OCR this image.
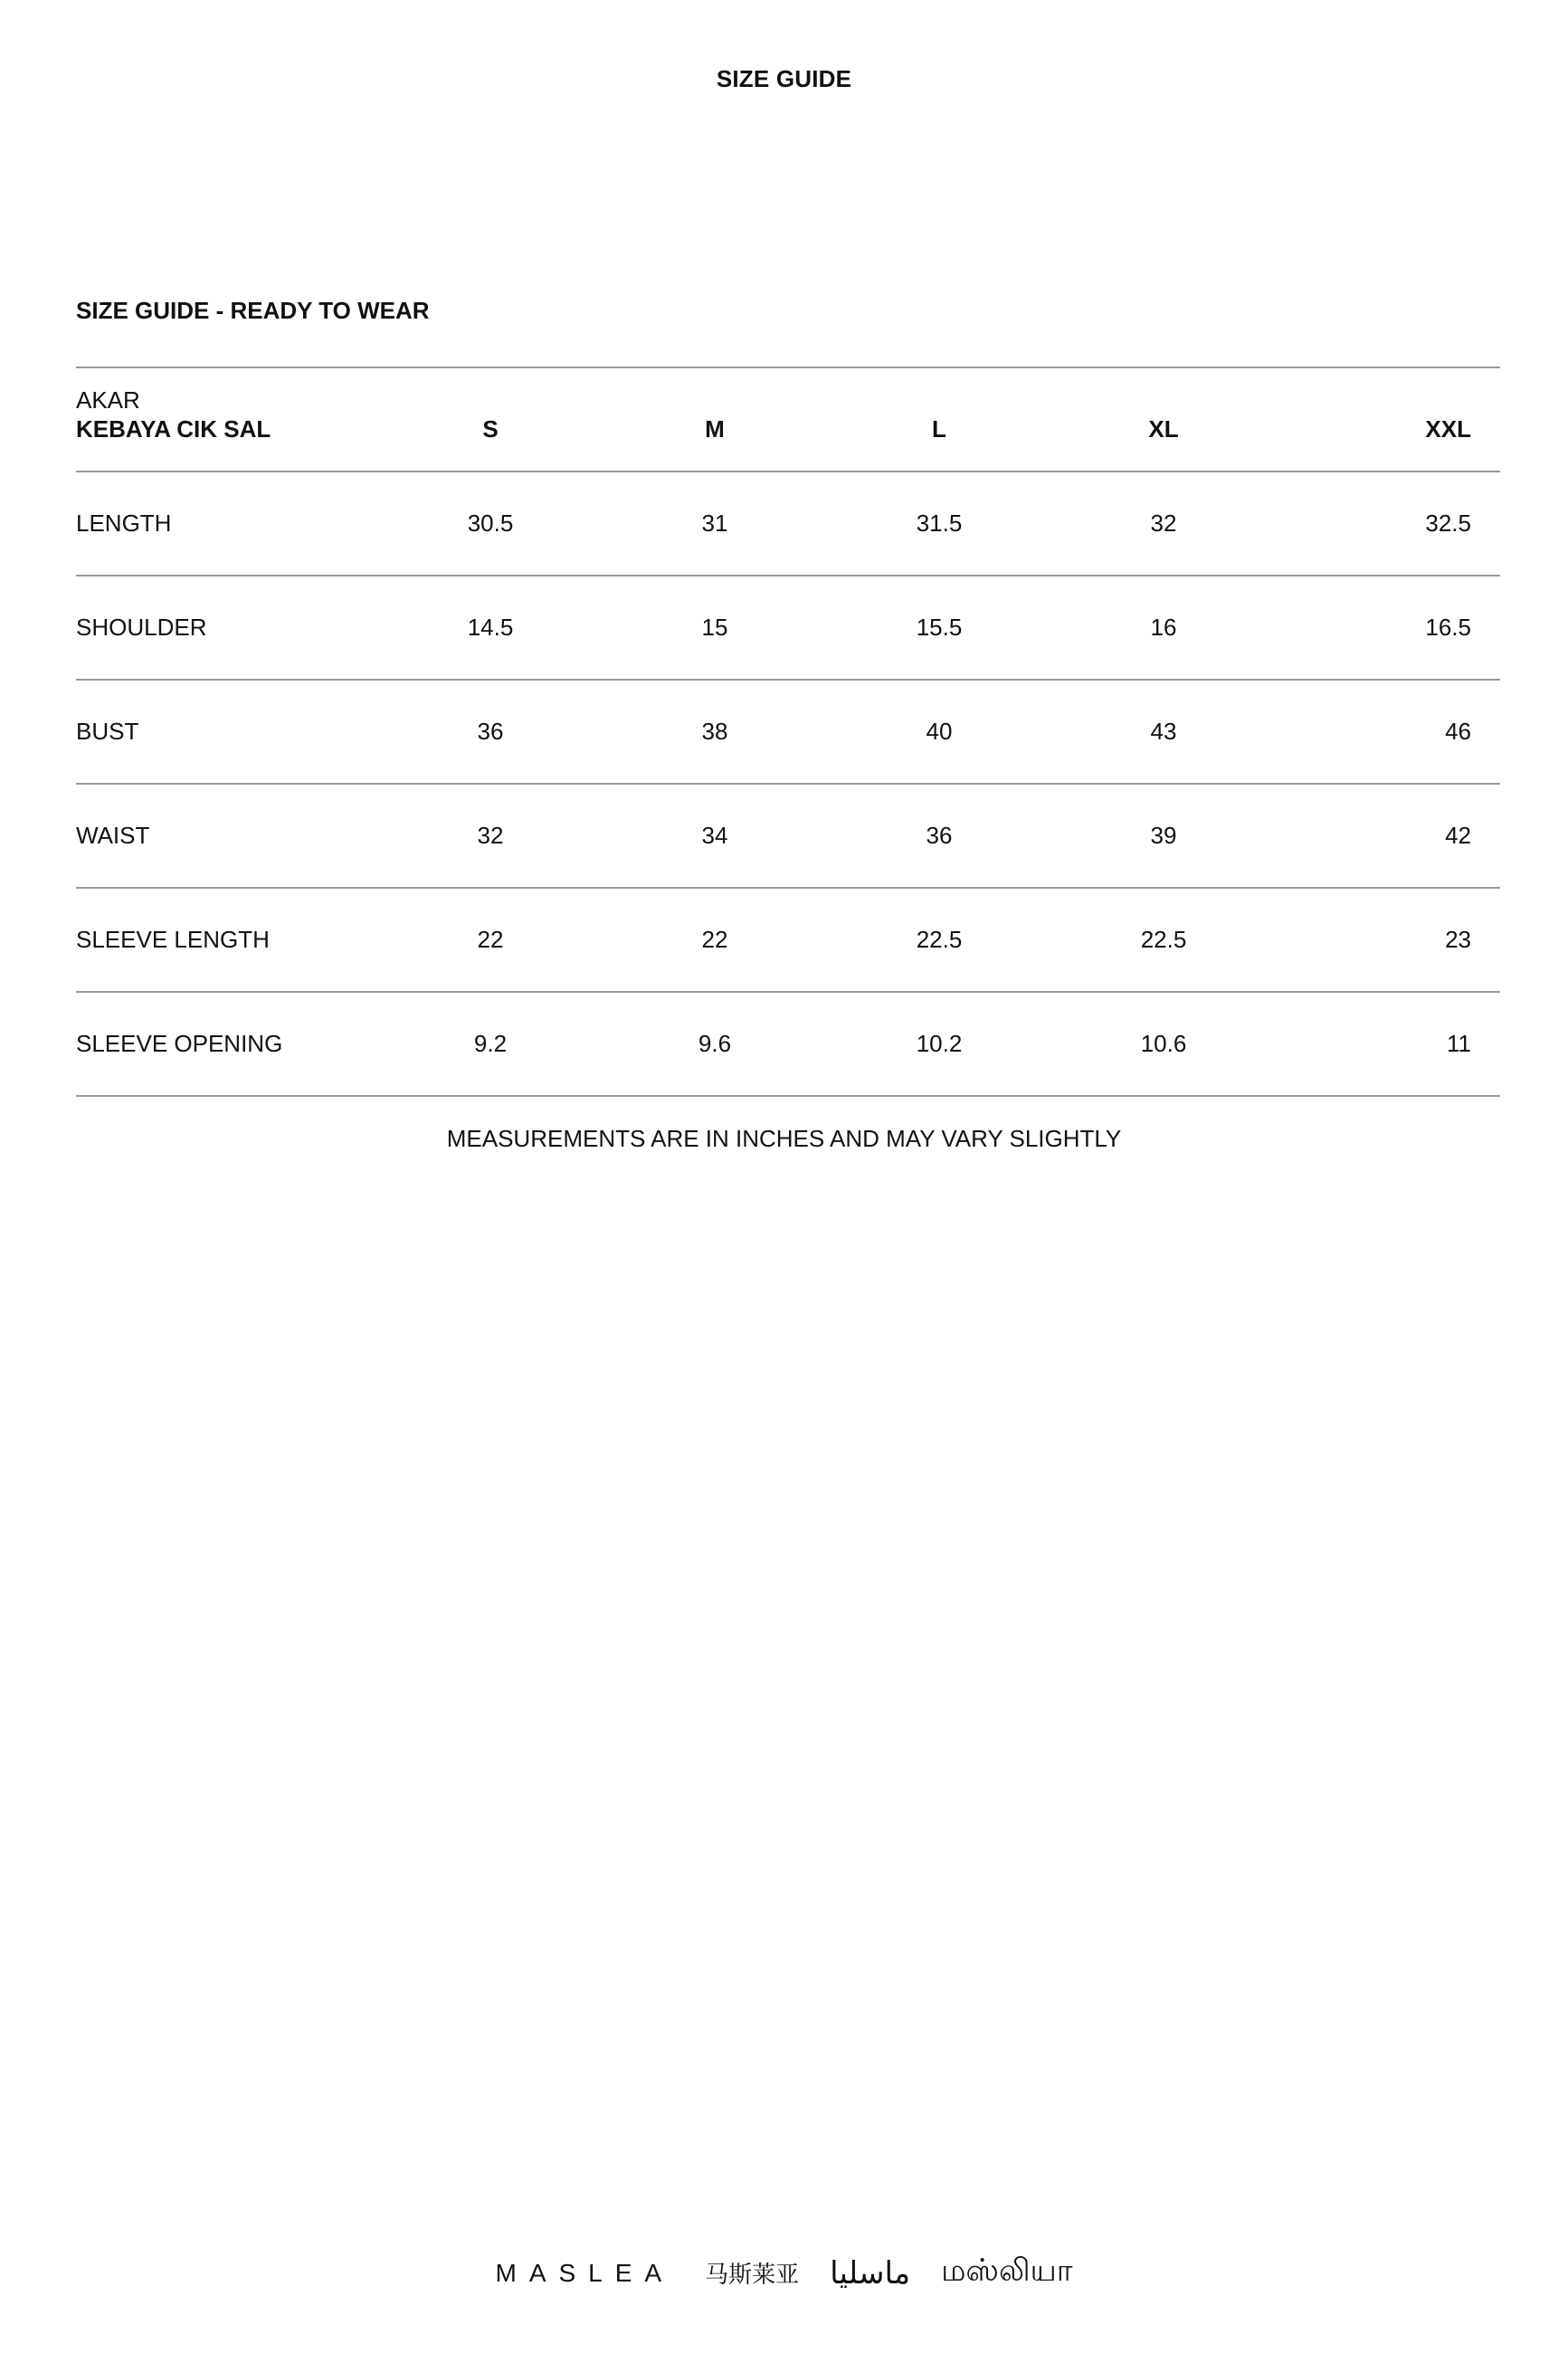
SIZE GUIDE
SIZE GUIDE - READY TO WEAR
AKAR
KEBAYA CIK SAL	S	M	L	XL	XXL
LENGTH	30.5	31	31.5	32	32.5
SHOULDER	14.5	15	15.5	16	16.5
BUST	36	38	40	43	46
WAIST	32	34	36	39	42
SLEEVE LENGTH	22	22	22.5	22.5	23
SLEEVE OPENING	9.2	9.6	10.2	10.6	11
MEASUREMENTS ARE IN INCHES AND MAY VARY SLIGHTLY
MASLEA 马斯莱亚 ماسليا மஸ்லியா
